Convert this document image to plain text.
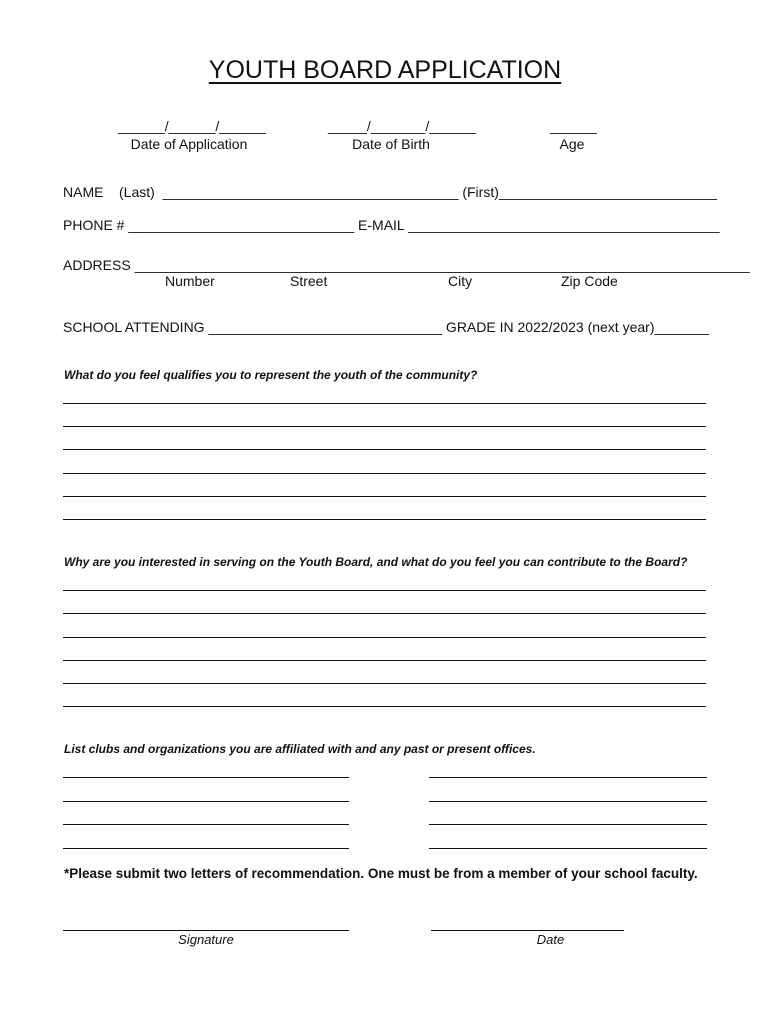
YOUTH BOARD APPLICATION
______/______/______
Date of Application
_____/_______/______
Date of Birth
______
Age
NAME    (Last)  ______________________________________ (First)____________________________
PHONE # _____________________________ E-MAIL ________________________________________
ADDRESS _______________________________________________________________________________
Number	Street	City	Zip Code
SCHOOL ATTENDING ______________________________ GRADE IN 2022/2023 (next year)_______
What do you feel qualifies you to represent the youth of the community?
Why are you interested in serving on the Youth Board, and what do you feel you can contribute to the Board?
List clubs and organizations you are affiliated with and any past or present offices.
*Please submit two letters of recommendation. One must be from a member of your school faculty.
Signature	Date
